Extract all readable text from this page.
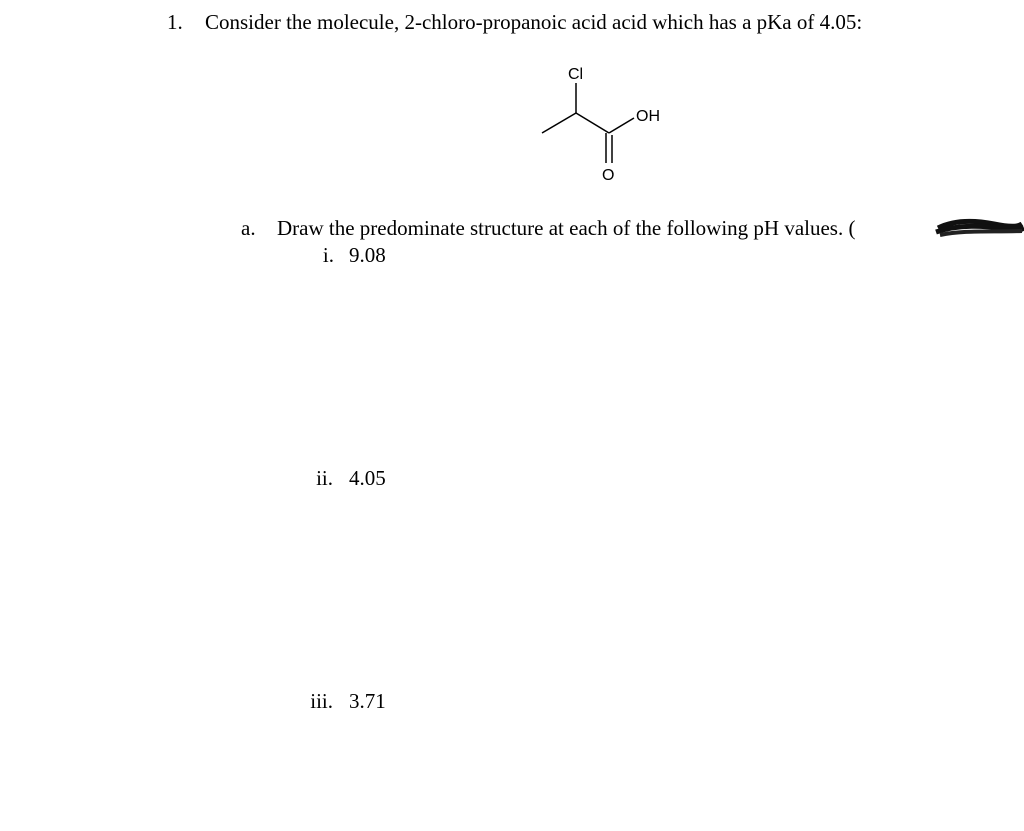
1. Consider the molecule, 2-chloro-propanoic acid acid which has a pKa of 4.05:
Cl
OH
O
a. Draw the predominate structure at each of the following pH values. (
i. 9.08
ii. 4.05
iii. 3.71
